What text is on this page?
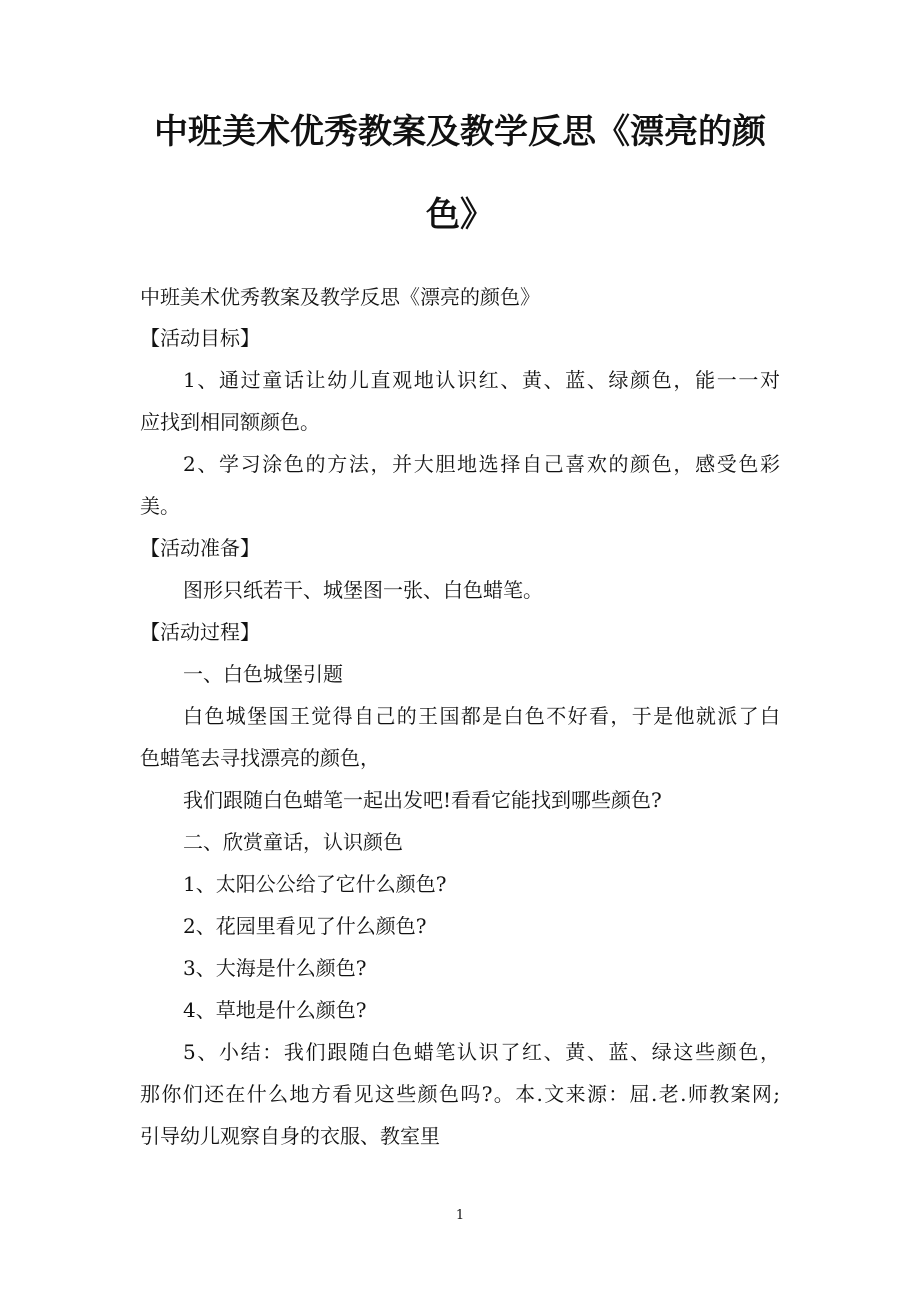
中班美术优秀教案及教学反思《漂亮的颜
色》

中班美术优秀教案及教学反思《漂亮的颜色》

【活动目标】

1、通过童话让幼儿直观地认识红、黄、蓝、绿颜色，能一一对

应找到相同额颜色。

2、学习涂色的方法，并大胆地选择自己喜欢的颜色，感受色彩

美。

【活动准备】

图形只纸若干、城堡图一张、白色蜡笔。

【活动过程】

一、白色城堡引题

白色城堡国王觉得自己的王国都是白色不好看，于是他就派了白

色蜡笔去寻找漂亮的颜色，

我们跟随白色蜡笔一起出发吧!看看它能找到哪些颜色?

二、欣赏童话，认识颜色

1、太阳公公给了它什么颜色?

2、花园里看见了什么颜色?

3、大海是什么颜色?

4、草地是什么颜色?

5、小结：我们跟随白色蜡笔认识了红、黄、蓝、绿这些颜色，

那你们还在什么地方看见这些颜色吗?。本.文来源：屈.老.师教案网;

引导幼儿观察自身的衣服、教室里

1
